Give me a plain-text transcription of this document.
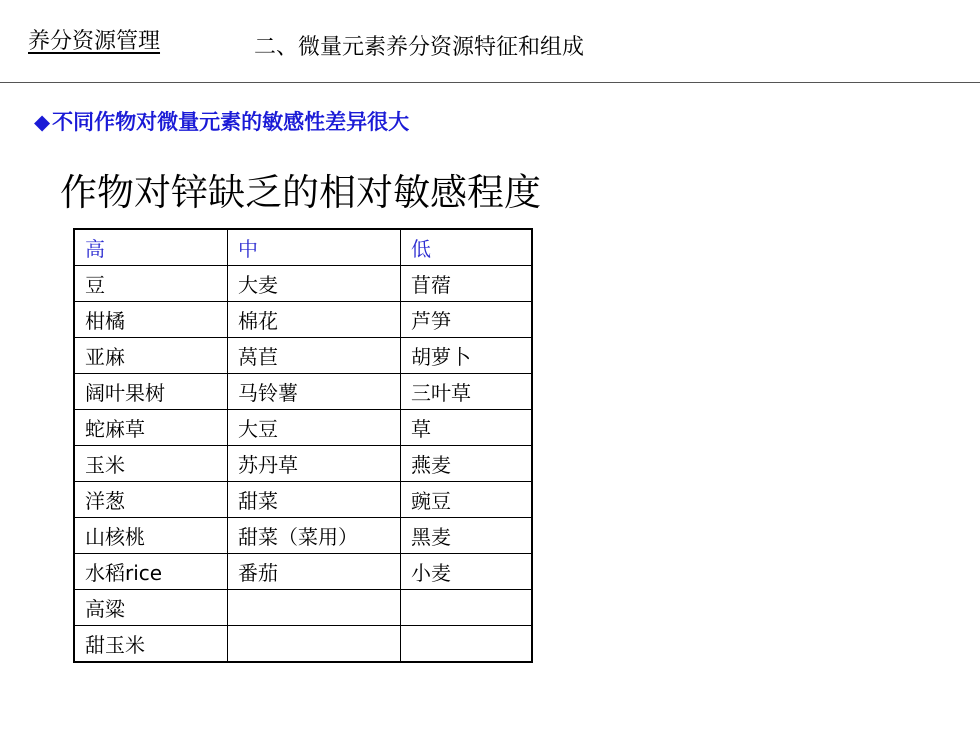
养分资源管理	二、微量元素养分资源特征和组成
◆不同作物对微量元素的敏感性差异很大
作物对锌缺乏的相对敏感程度
高	中	低
豆	大麦	苜蓿
柑橘	棉花	芦笋
亚麻	莴苣	胡萝卜
阔叶果树	马铃薯	三叶草
蛇麻草	大豆	草
玉米	苏丹草	燕麦
洋葱	甜菜	豌豆
山核桃	甜菜（菜用）	黑麦
水稻rice	番茄	小麦
高粱		
甜玉米		
